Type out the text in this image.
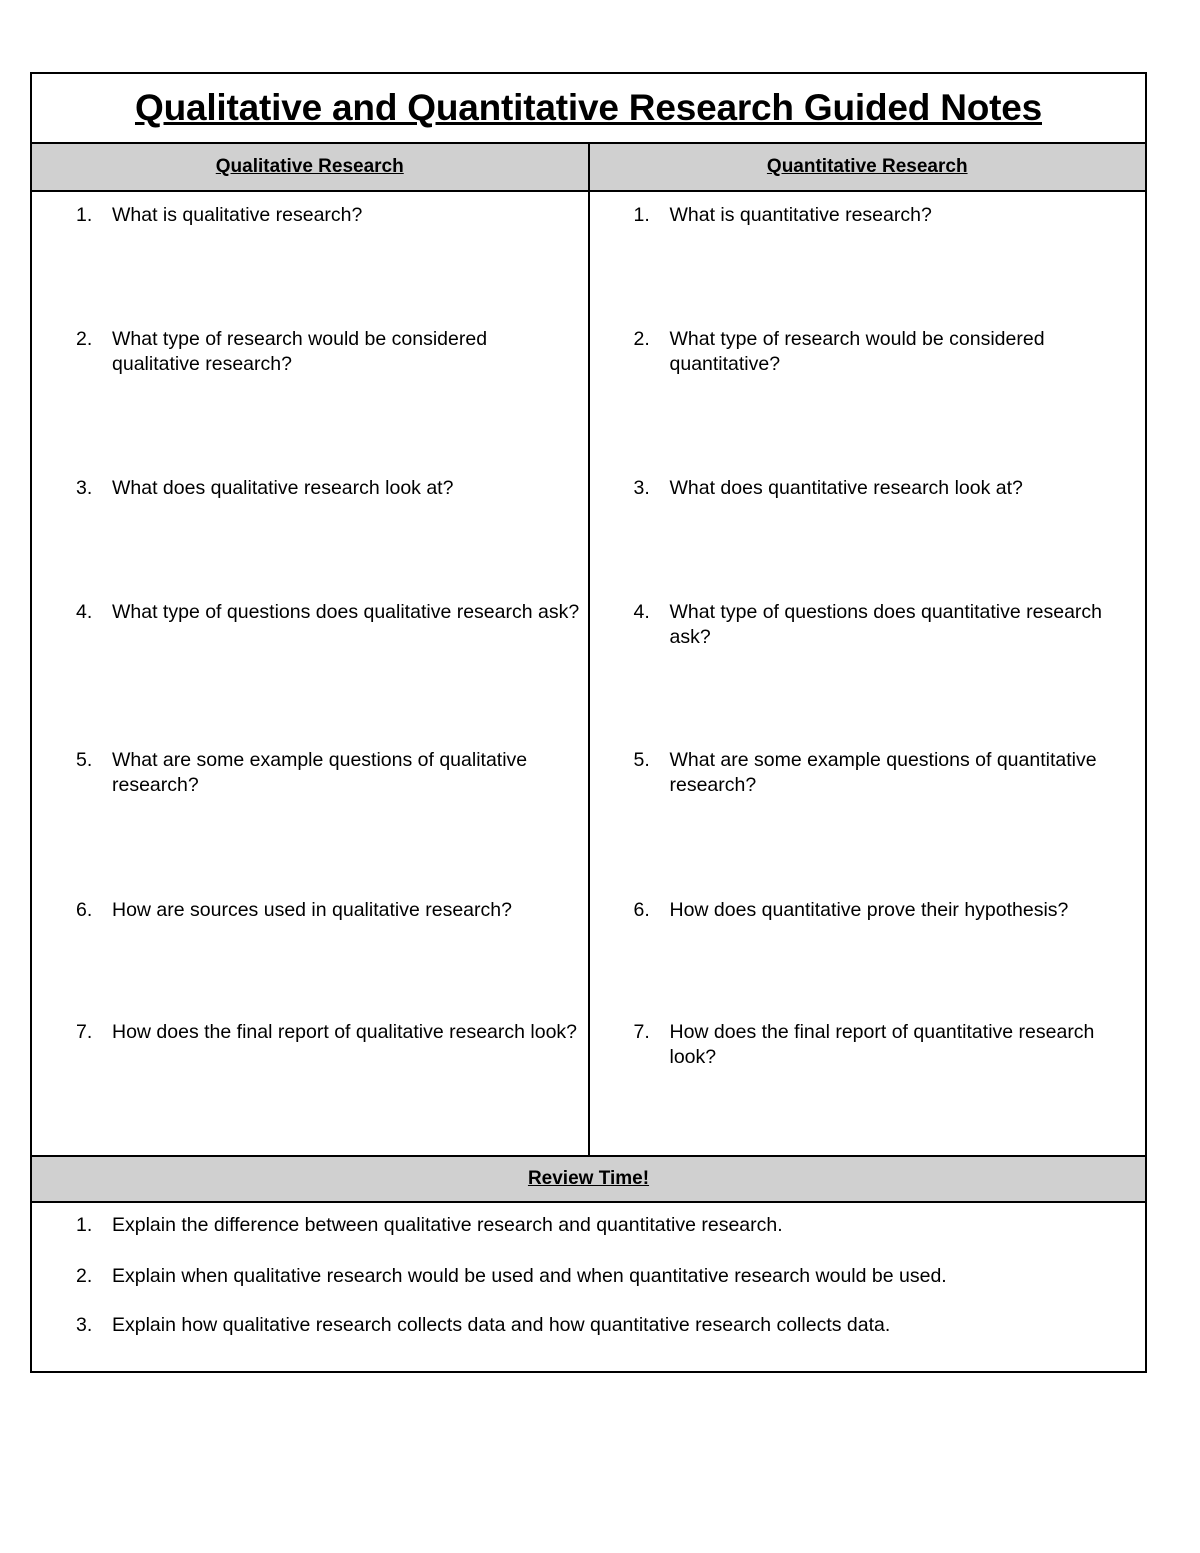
Qualitative and Quantitative Research Guided Notes
Qualitative Research	Quantitative Research
1. What is qualitative research?
2. What type of research would be considered qualitative research?
3. What does qualitative research look at?
4. What type of questions does qualitative research ask?
5. What are some example questions of qualitative research?
6. How are sources used in qualitative research?
7. How does the final report of qualitative research look?
1. What is quantitative research?
2. What type of research would be considered quantitative?
3. What does quantitative research look at?
4. What type of questions does quantitative research ask?
5. What are some example questions of quantitative research?
6. How does quantitative prove their hypothesis?
7. How does the final report of quantitative research look?
Review Time!
1. Explain the difference between qualitative research and quantitative research.
2. Explain when qualitative research would be used and when quantitative research would be used.
3. Explain how qualitative research collects data and how quantitative research collects data.
